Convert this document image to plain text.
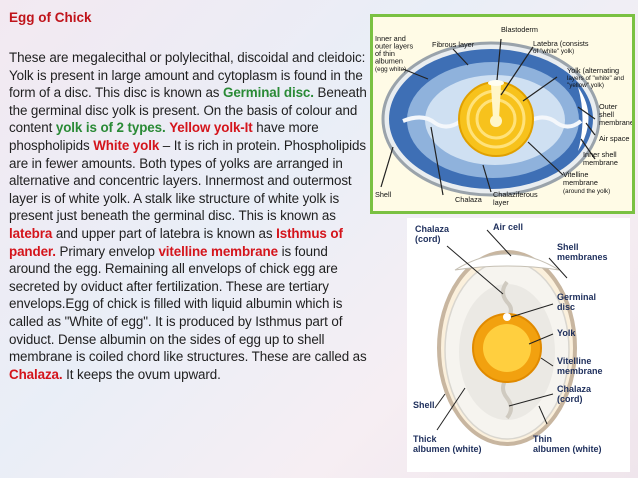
Egg of Chick
These are megalecithal or polylecithal, discoidal and cleidoic: Yolk is present in large amount and cytoplasm is found in the form of a disc. This disc is known as Germinal disc. Beneath the germinal disc yolk is present. On the basis of colour and content yolk is of 2 types. Yellow yolk-It have more phospholipids White yolk – It is rich in protein. Phospholipids are in fewer amounts. Both types of yolks are arranged in alternative and concentric layers. Innermost and outermost layer is of white yolk. A stalk like structure of white yolk is present just beneath the germinal disc. This is known as latebra and upper part of latebra is known as Isthmus of pander. Primary envelop vitelline membrane is found around the egg. Remaining all envelops of chick egg are secreted by oviduct after fertilization. These are tertiary envelops.Egg of chick is filled with liquid albumin which is called as "White of egg". It is produced by Isthmus part of oviduct. Dense albumin on the sides of egg up to shell membrane is coiled chord like structures. These are called as Chalaza. It keeps the ovum upward.
Inner and outer layers of thin albumen (egg white)
Fibrous layer
Blastoderm
Latebra (consists of "white" yolk)
Yolk (alternating layers of "white" and "yellow" yolk)
Outer shell membrane
Air space
Inner shell membrane
Vitelline membrane (around the yolk)
Shell
Chalaza
Chalaziferous layer
Chalaza (cord)
Air cell
Shell membranes
Germinal disc
Yolk
Vitelline membrane
Chalaza (cord)
Shell
Thick albumen (white)
Thin albumen (white)
